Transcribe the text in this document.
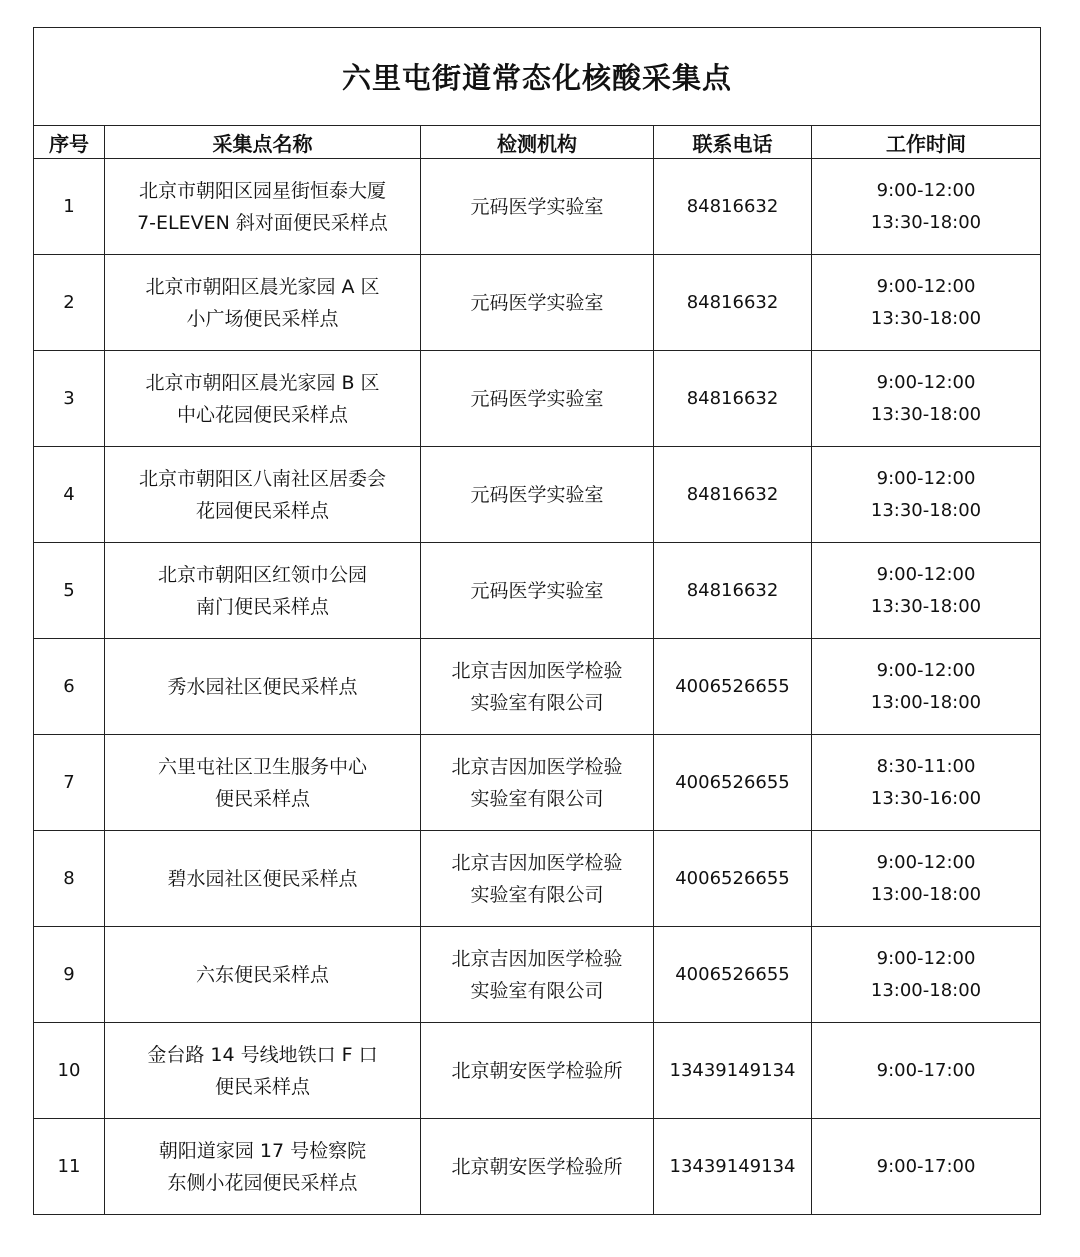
六里屯街道常态化核酸采集点				
序号	采集点名称	检测机构	联系电话	工作时间
1	北京市朝阳区园星街恒泰大厦
7-ELEVEN 斜对面便民采样点	元码医学实验室	84816632	9:00-12:00
13:30-18:00

2	北京市朝阳区晨光家园 A 区
小广场便民采样点	元码医学实验室	84816632	9:00-12:00
13:30-18:00

3	北京市朝阳区晨光家园 B 区
中心花园便民采样点	元码医学实验室	84816632	9:00-12:00
13:30-18:00

4	北京市朝阳区八南社区居委会
花园便民采样点	元码医学实验室	84816632	9:00-12:00
13:30-18:00

5	北京市朝阳区红领巾公园
南门便民采样点	元码医学实验室	84816632	9:00-12:00
13:30-18:00

6	秀水园社区便民采样点	北京吉因加医学检验
实验室有限公司	4006526655	9:00-12:00
13:00-18:00

7	六里屯社区卫生服务中心
便民采样点	北京吉因加医学检验
实验室有限公司	4006526655	8:30-11:00
13:30-16:00

8	碧水园社区便民采样点	北京吉因加医学检验
实验室有限公司	4006526655	9:00-12:00
13:00-18:00

9	六东便民采样点	北京吉因加医学检验
实验室有限公司	4006526655	9:00-12:00
13:00-18:00

10	金台路 14 号线地铁口 F 口
便民采样点	北京朝安医学检验所	13439149134	9:00-17:00

11	朝阳道家园 17 号检察院
东侧小花园便民采样点	北京朝安医学检验所	13439149134	9:00-17:00
